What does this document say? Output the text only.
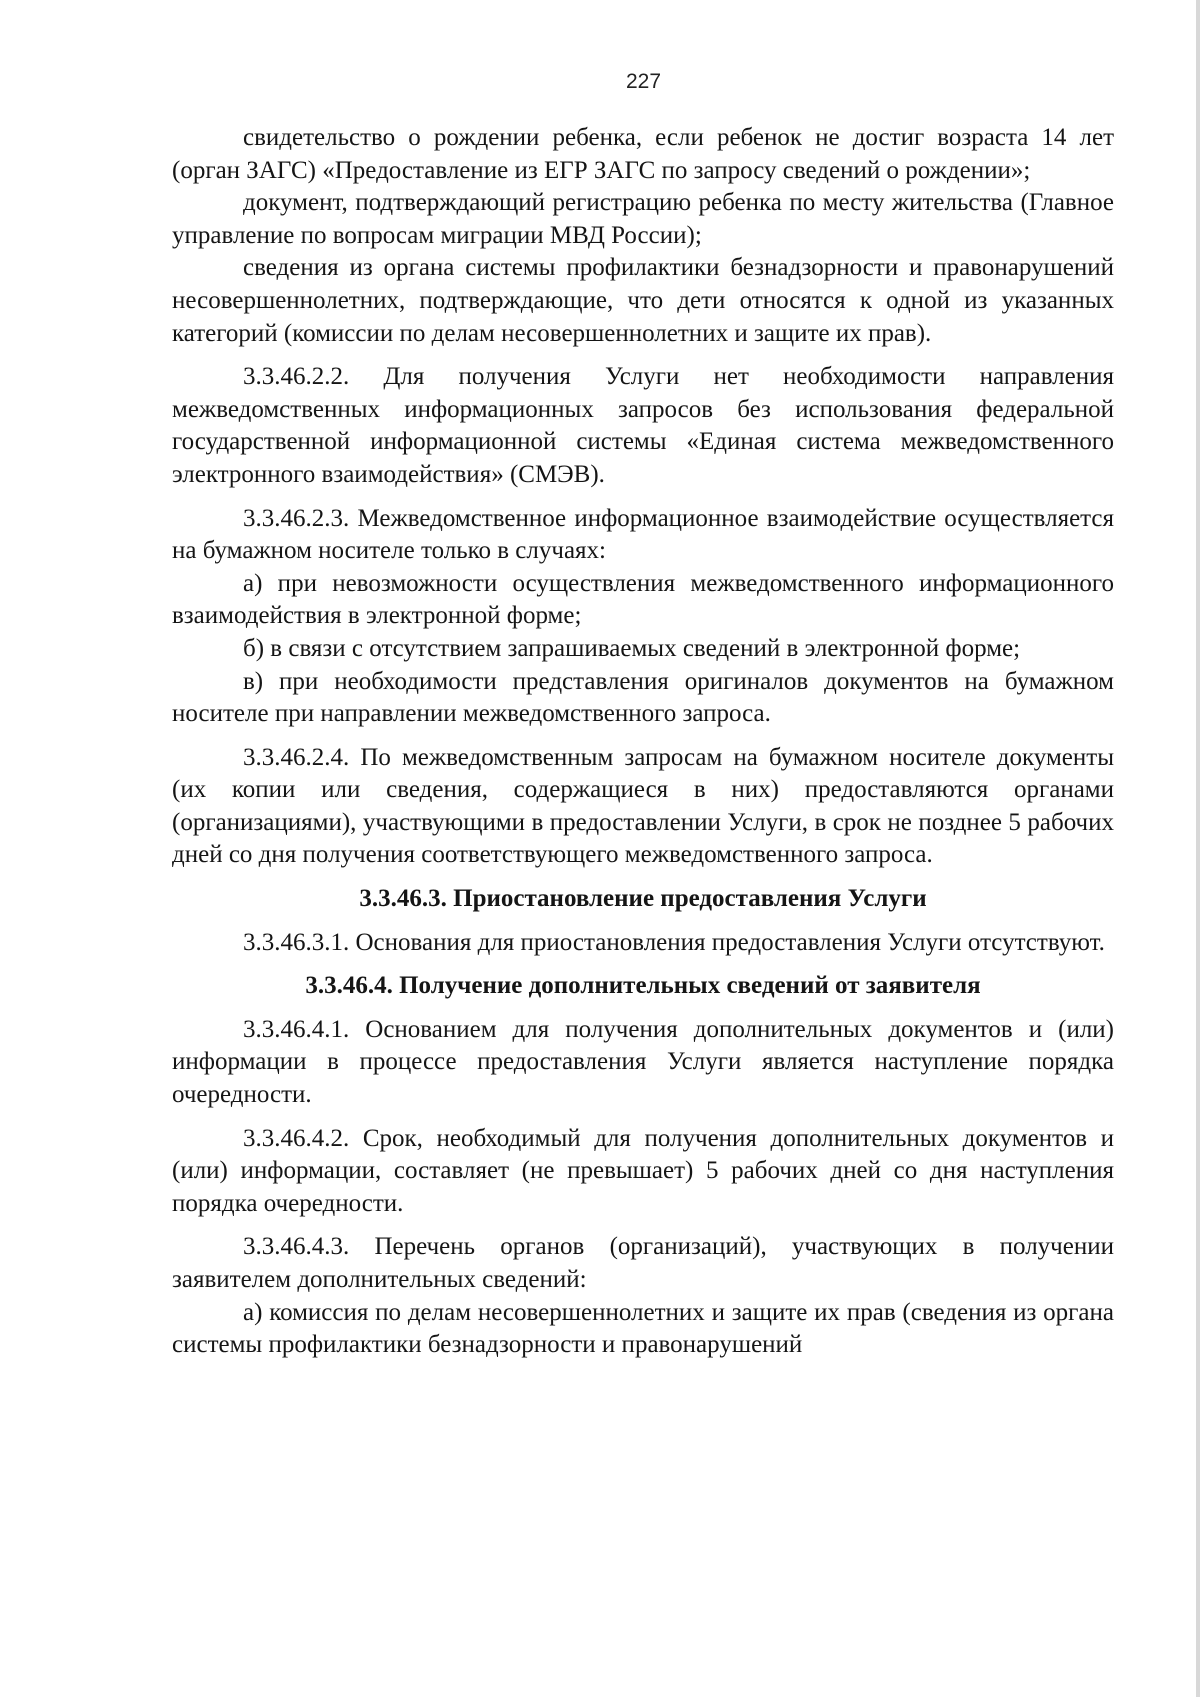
227

свидетельство о рождении ребенка, если ребенок не достиг возраста 14 лет (орган ЗАГС) «Предоставление из ЕГР ЗАГС по запросу сведений о рождении»;

документ, подтверждающий регистрацию ребенка по месту жительства (Главное управление по вопросам миграции МВД России);

сведения из органа системы профилактики безнадзорности и правонарушений несовершеннолетних, подтверждающие, что дети относятся к одной из указанных категорий (комиссии по делам несовершеннолетних и защите их прав).

3.3.46.2.2. Для получения Услуги нет необходимости направления межведомственных информационных запросов без использования федеральной государственной информационной системы «Единая система межведомственного электронного взаимодействия» (СМЭВ).

3.3.46.2.3. Межведомственное информационное взаимодействие осуществляется на бумажном носителе только в случаях:

а) при невозможности осуществления межведомственного информационного взаимодействия в электронной форме;

б) в связи с отсутствием запрашиваемых сведений в электронной форме;

в) при необходимости представления оригиналов документов на бумажном носителе при направлении межведомственного запроса.

3.3.46.2.4. По межведомственным запросам на бумажном носителе документы (их копии или сведения, содержащиеся в них) предоставляются органами (организациями), участвующими в предоставлении Услуги, в срок не позднее 5 рабочих дней со дня получения соответствующего межведомственного запроса.

3.3.46.3. Приостановление предоставления Услуги

3.3.46.3.1. Основания для приостановления предоставления Услуги отсутствуют.

3.3.46.4. Получение дополнительных сведений от заявителя

3.3.46.4.1. Основанием для получения дополнительных документов и (или) информации в процессе предоставления Услуги является наступление порядка очередности.

3.3.46.4.2. Срок, необходимый для получения дополнительных документов и (или) информации, составляет (не превышает) 5 рабочих дней со дня наступления порядка очередности.

3.3.46.4.3. Перечень органов (организаций), участвующих в получении заявителем дополнительных сведений:

а) комиссия по делам несовершеннолетних и защите их прав (сведения из органа системы профилактики безнадзорности и правонарушений
